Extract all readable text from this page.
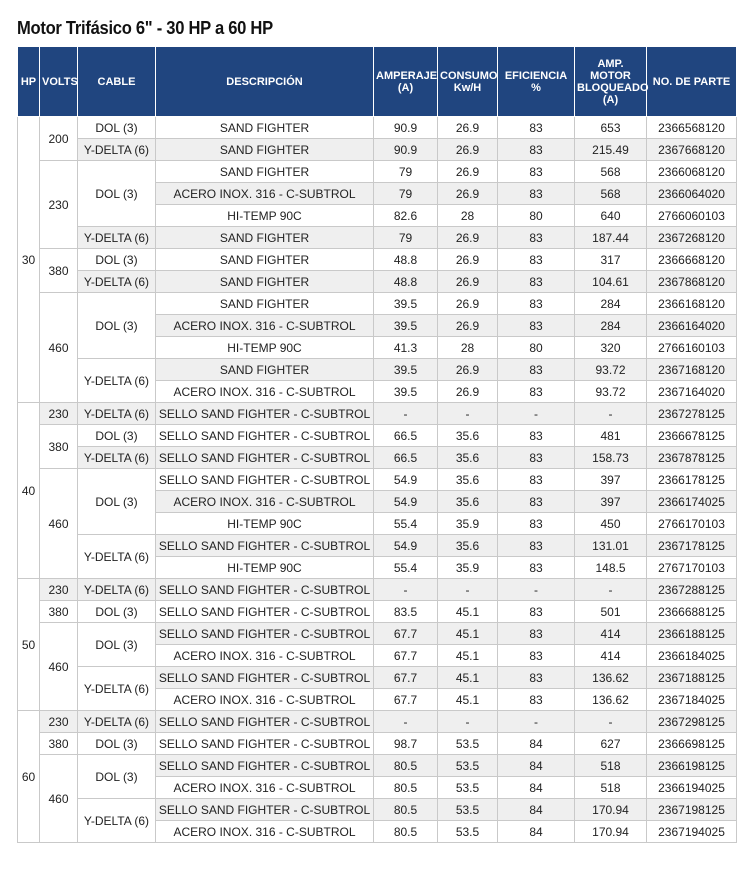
Motor Trifásico 6" - 30 HP a 60 HP
HP	VOLTS	CABLE	DESCRIPCIÓN	AMPERAJE (A)	CONSUMO Kw/H	EFICIENCIA %	AMP. MOTOR BLOQUEADO (A)	NO. DE PARTE
30	200	DOL (3)	SAND FIGHTER	90.9	26.9	83	653	2366568120
		Y-DELTA (6)	SAND FIGHTER	90.9	26.9	83	215.49	2367668120
	230	DOL (3)	SAND FIGHTER	79	26.9	83	568	2366068120
			ACERO INOX. 316 - C-SUBTROL	79	26.9	83	568	2366064020
			HI-TEMP 90C	82.6	28	80	640	2766060103
		Y-DELTA (6)	SAND FIGHTER	79	26.9	83	187.44	2367268120
	380	DOL (3)	SAND FIGHTER	48.8	26.9	83	317	2366668120
		Y-DELTA (6)	SAND FIGHTER	48.8	26.9	83	104.61	2367868120
	460	DOL (3)	SAND FIGHTER	39.5	26.9	83	284	2366168120
			ACERO INOX. 316 - C-SUBTROL	39.5	26.9	83	284	2366164020
			HI-TEMP 90C	41.3	28	80	320	2766160103
		Y-DELTA (6)	SAND FIGHTER	39.5	26.9	83	93.72	2367168120
			ACERO INOX. 316 - C-SUBTROL	39.5	26.9	83	93.72	2367164020
40	230	Y-DELTA (6)	SELLO SAND FIGHTER - C-SUBTROL	-	-	-	-	2367278125
	380	DOL (3)	SELLO SAND FIGHTER - C-SUBTROL	66.5	35.6	83	481	2366678125
		Y-DELTA (6)	SELLO SAND FIGHTER - C-SUBTROL	66.5	35.6	83	158.73	2367878125
	460	DOL (3)	SELLO SAND FIGHTER - C-SUBTROL	54.9	35.6	83	397	2366178125
			ACERO INOX. 316 - C-SUBTROL	54.9	35.6	83	397	2366174025
			HI-TEMP 90C	55.4	35.9	83	450	2766170103
		Y-DELTA (6)	SELLO SAND FIGHTER - C-SUBTROL	54.9	35.6	83	131.01	2367178125
			HI-TEMP 90C	55.4	35.9	83	148.5	2767170103
50	230	Y-DELTA (6)	SELLO SAND FIGHTER - C-SUBTROL	-	-	-	-	2367288125
	380	DOL (3)	SELLO SAND FIGHTER - C-SUBTROL	83.5	45.1	83	501	2366688125
	460	DOL (3)	SELLO SAND FIGHTER - C-SUBTROL	67.7	45.1	83	414	2366188125
			ACERO INOX. 316 - C-SUBTROL	67.7	45.1	83	414	2366184025
		Y-DELTA (6)	SELLO SAND FIGHTER - C-SUBTROL	67.7	45.1	83	136.62	2367188125
			ACERO INOX. 316 - C-SUBTROL	67.7	45.1	83	136.62	2367184025
60	230	Y-DELTA (6)	SELLO SAND FIGHTER - C-SUBTROL	-	-	-	-	2367298125
	380	DOL (3)	SELLO SAND FIGHTER - C-SUBTROL	98.7	53.5	84	627	2366698125
	460	DOL (3)	SELLO SAND FIGHTER - C-SUBTROL	80.5	53.5	84	518	2366198125
			ACERO INOX. 316 - C-SUBTROL	80.5	53.5	84	518	2366194025
		Y-DELTA (6)	SELLO SAND FIGHTER - C-SUBTROL	80.5	53.5	84	170.94	2367198125
			ACERO INOX. 316 - C-SUBTROL	80.5	53.5	84	170.94	2367194025
